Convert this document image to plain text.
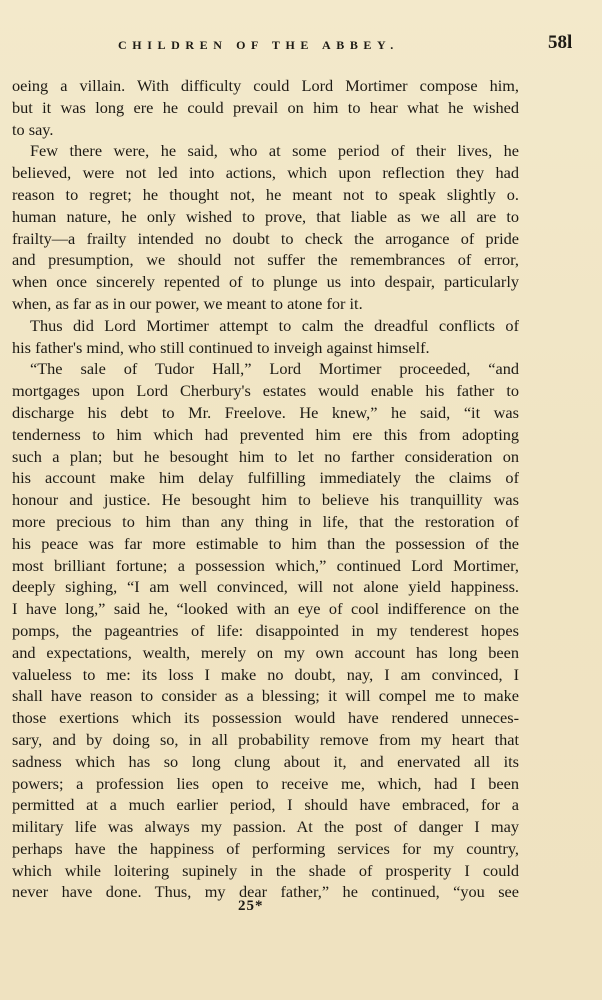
CHILDREN OF THE ABBEY.	58l
oeing a villain. With difficulty could Lord Mortimer compose him,
but it was long ere he could prevail on him to hear what he wished
to say.
Few there were, he said, who at some period of their lives, he
believed, were not led into actions, which upon reflection they had
reason to regret; he thought not, he meant not to speak slightly o.
human nature, he only wished to prove, that liable as we all are to
frailty—a frailty intended no doubt to check the arrogance of pride
and presumption, we should not suffer the remembrances of error,
when once sincerely repented of to plunge us into despair, particularly
when, as far as in our power, we meant to atone for it.
Thus did Lord Mortimer attempt to calm the dreadful conflicts of
his father's mind, who still continued to inveigh against himself.
“The sale of Tudor Hall,” Lord Mortimer proceeded, “and
mortgages upon Lord Cherbury's estates would enable his father to
discharge his debt to Mr. Freelove. He knew,” he said, “it was
tenderness to him which had prevented him ere this from adopting
such a plan; but he besought him to let no farther consideration on
his account make him delay fulfilling immediately the claims of
honour and justice. He besought him to believe his tranquillity was
more precious to him than any thing in life, that the restoration of
his peace was far more estimable to him than the possession of the
most brilliant fortune; a possession which,” continued Lord Mortimer,
deeply sighing, “I am well convinced, will not alone yield happiness.
I have long,” said he, “looked with an eye of cool indifference on the
pomps, the pageantries of life: disappointed in my tenderest hopes
and expectations, wealth, merely on my own account has long been
valueless to me: its loss I make no doubt, nay, I am convinced, I
shall have reason to consider as a blessing; it will compel me to make
those exertions which its possession would have rendered unneces-
sary, and by doing so, in all probability remove from my heart that
sadness which has so long clung about it, and enervated all its
powers; a profession lies open to receive me, which, had I been
permitted at a much earlier period, I should have embraced, for a
military life was always my passion. At the post of danger I may
perhaps have the happiness of performing services for my country,
which while loitering supinely in the shade of prosperity I could
never have done. Thus, my dear father,” he continued, “you see
25*
